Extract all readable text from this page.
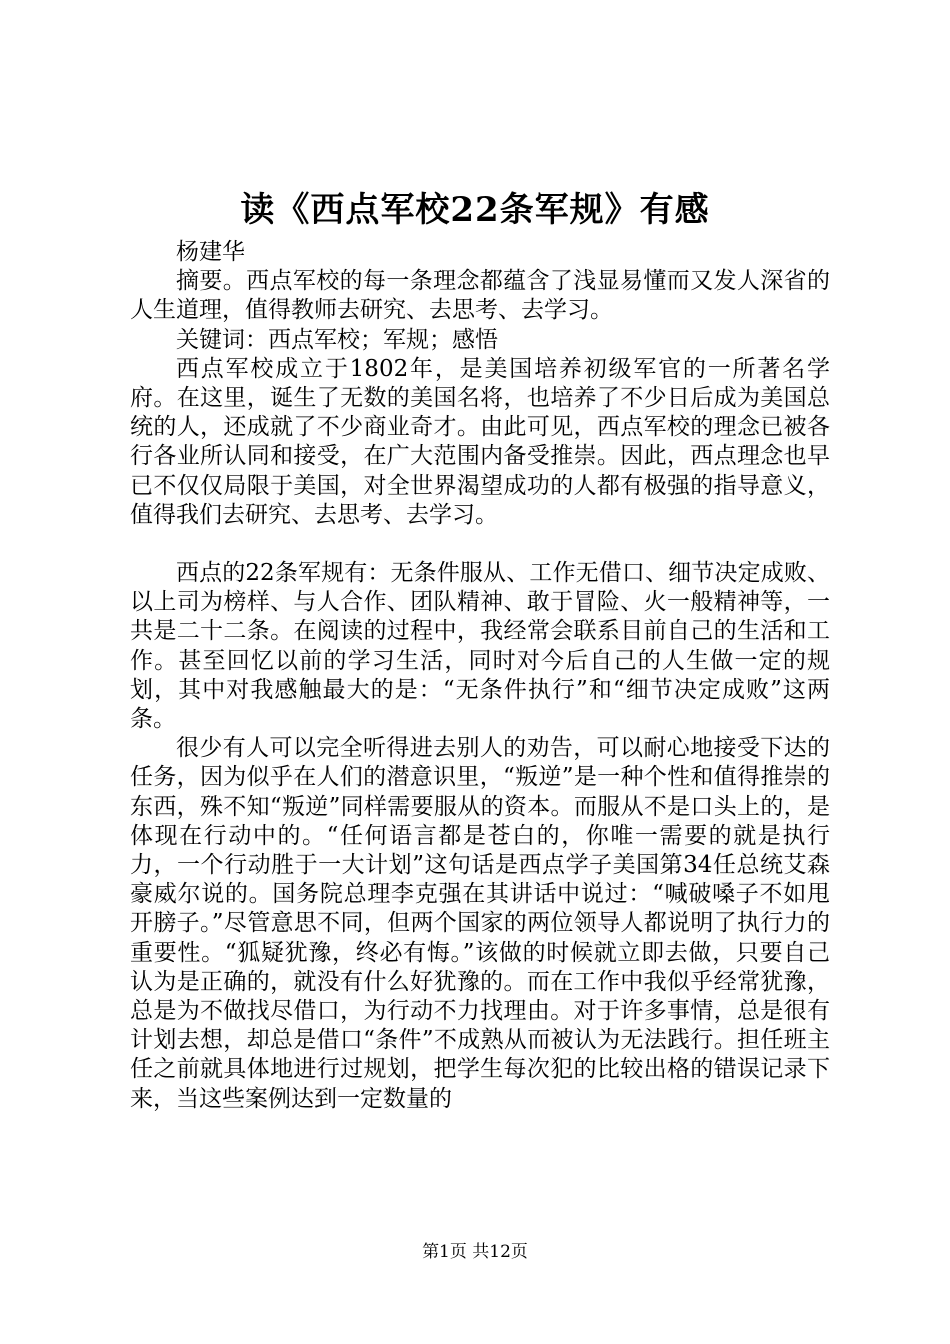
读《西点军校22条军规》有感

杨建华

摘要。西点军校的每一条理念都蕴含了浅显易懂而又发人深省的人生道理，值得教师去研究、去思考、去学习。

关键词：西点军校；军规；感悟

西点军校成立于1802年，是美国培养初级军官的一所著名学府。在这里，诞生了无数的美国名将，也培养了不少日后成为美国总统的人，还成就了不少商业奇才。由此可见，西点军校的理念已被各行各业所认同和接受，在广大范围内备受推崇。因此，西点理念也早已不仅仅局限于美国，对全世界渴望成功的人都有极强的指导意义，值得我们去研究、去思考、去学习。

西点的22条军规有：无条件服从、工作无借口、细节决定成败、以上司为榜样、与人合作、团队精神、敢于冒险、火一般精神等，一共是二十二条。在阅读的过程中，我经常会联系目前自己的生活和工作。甚至回忆以前的学习生活，同时对今后自己的人生做一定的规划，其中对我感触最大的是：“无条件执行”和“细节决定成败”这两条。

很少有人可以完全听得进去别人的劝告，可以耐心地接受下达的任务，因为似乎在人们的潜意识里，“叛逆”是一种个性和值得推崇的东西，殊不知“叛逆”同样需要服从的资本。而服从不是口头上的，是体现在行动中的。“任何语言都是苍白的，你唯一需要的就是执行力，一个行动胜于一大计划”这句话是西点学子美国第34任总统艾森豪威尔说的。国务院总理李克强在其讲话中说过：“喊破嗓子不如甩开膀子。”尽管意思不同，但两个国家的两位领导人都说明了执行力的重要性。“狐疑犹豫，终必有悔。”该做的时候就立即去做，只要自己认为是正确的，就没有什么好犹豫的。而在工作中我似乎经常犹豫，总是为不做找尽借口，为行动不力找理由。对于许多事情，总是很有计划去想，却总是借口“条件”不成熟从而被认为无法践行。担任班主任之前就具体地进行过规划，把学生每次犯的比较出格的错误记录下来，当这些案例达到一定数量的

第1页 共12页
